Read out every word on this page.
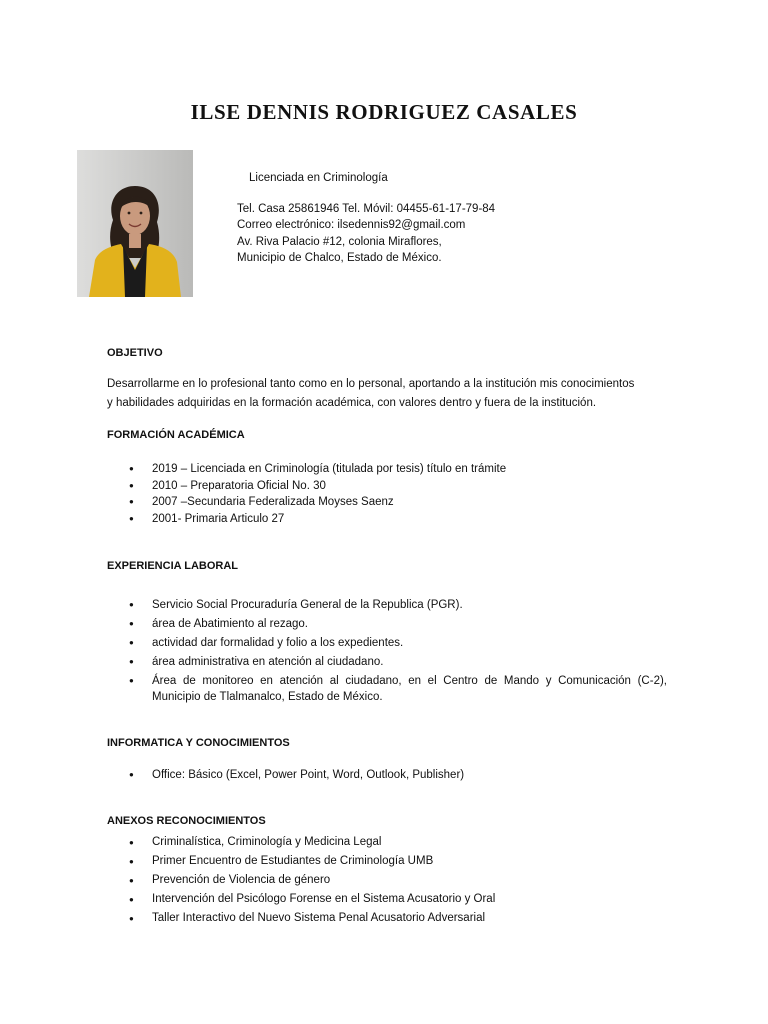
ILSE DENNIS RODRIGUEZ CASALES
Licenciada en Criminología
Tel. Casa 25861946 Tel. Móvil: 04455-61-17-79-84
Correo electrónico: ilsedennis92@gmail.com
Av. Riva Palacio #12, colonia Miraflores,
Municipio de Chalco, Estado de México.
OBJETIVO
Desarrollarme en lo profesional tanto como en lo personal, aportando a la institución mis conocimientos
y habilidades adquiridas en la formación académica, con valores dentro y fuera de la institución.
FORMACIÓN ACADÉMICA
● 2019 – Licenciada en Criminología (titulada por tesis) título en trámite
● 2010 – Preparatoria Oficial No. 30
● 2007 –Secundaria Federalizada Moyses Saenz
● 2001- Primaria Articulo 27
EXPERIENCIA LABORAL
● Servicio Social Procuraduría General de la Republica (PGR).
● área de Abatimiento al rezago.
● actividad dar formalidad y folio a los expedientes.
● área administrativa en atención al ciudadano.
● Área de monitoreo en atención al ciudadano, en el Centro de Mando y Comunicación (C-2), Municipio de Tlalmanalco, Estado de México.
INFORMATICA Y CONOCIMIENTOS
● Office: Básico (Excel, Power Point, Word, Outlook, Publisher)
ANEXOS RECONOCIMIENTOS
● Criminalística, Criminología y Medicina Legal
● Primer Encuentro de Estudiantes de Criminología UMB
● Prevención de Violencia de género
● Intervención del Psicólogo Forense en el Sistema Acusatorio y Oral
● Taller Interactivo del Nuevo Sistema Penal Acusatorio Adversarial
